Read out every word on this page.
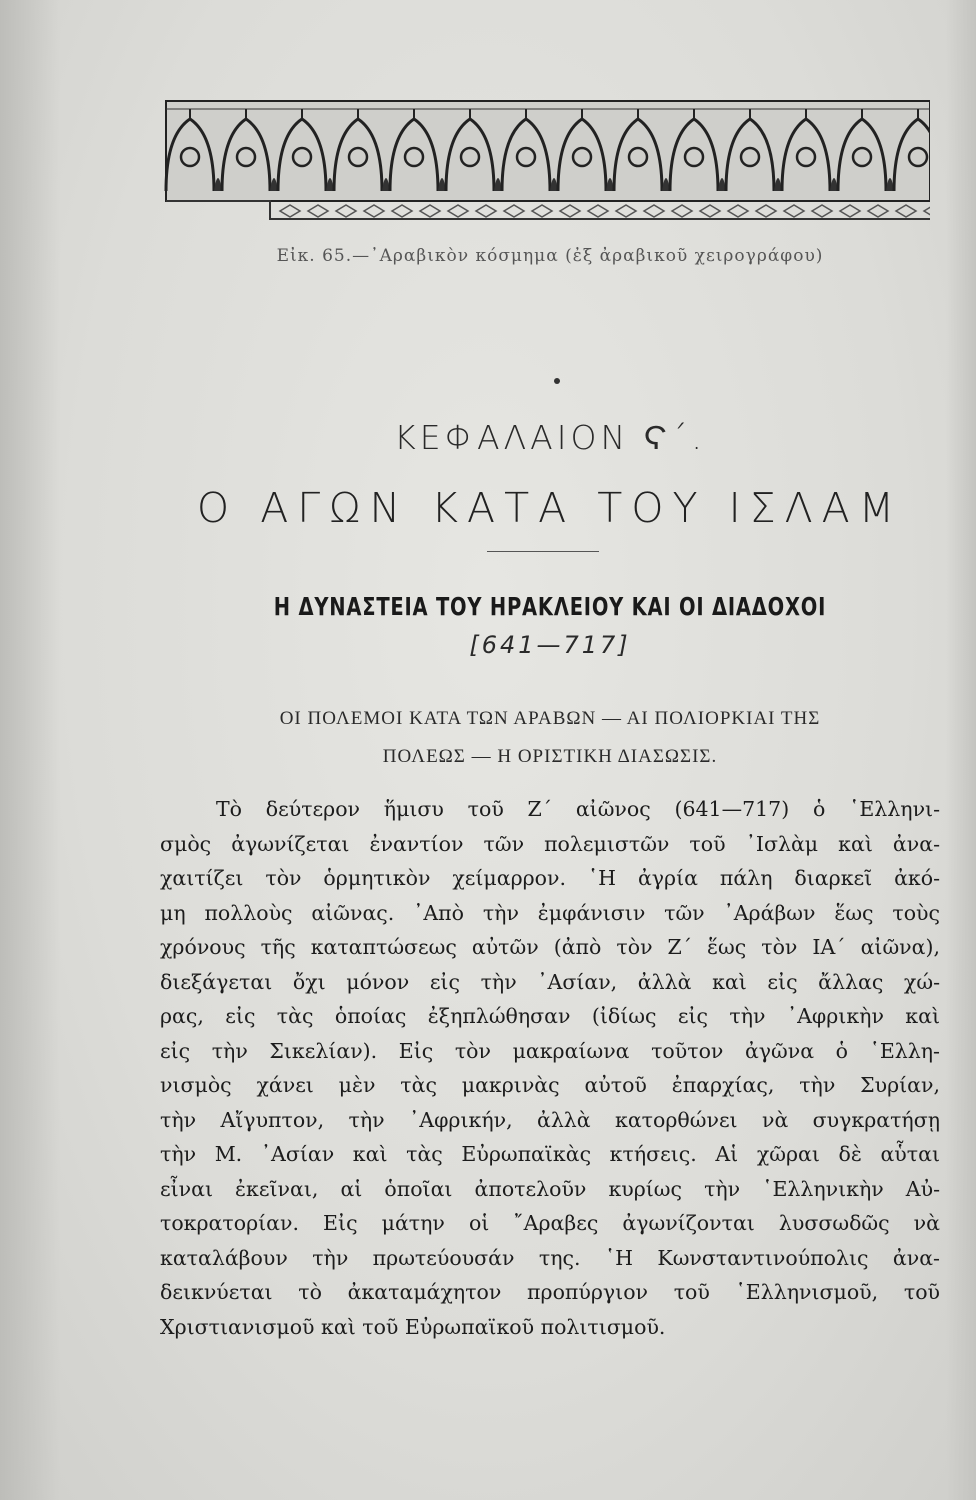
Εἰκ. 65.—᾿Αραβικὸν κόσμημα (ἐξ ἀραβικοῦ χειρογράφου)
ΚΕΦΑΛΑΙΟΝ Ϛ΄.
Ο ΑΓΩΝ ΚΑΤΑ ΤΟΥ ΙΣΛΑΜ
Η ΔΥΝΑΣΤΕΙΑ ΤΟΥ ΗΡΑΚΛΕΙΟΥ ΚΑΙ ΟΙ ΔΙΑΔΟΧΟΙ
[641—717]
ΟΙ ΠΟΛΕΜΟΙ ΚΑΤΑ ΤΩΝ ΑΡΑΒΩΝ — ΑΙ ΠΟΛΙΟΡΚΙΑΙ ΤΗΣ
ΠΟΛΕΩΣ — Η ΟΡΙΣΤΙΚΗ ΔΙΑΣΩΣΙΣ.
Τὸ δεύτερον ἥμισυ τοῦ Ζ΄ αἰῶνος (641—717) ὁ ῾Ελληνι-
σμὸς ἀγωνίζεται ἐναντίον τῶν πολεμιστῶν τοῦ ᾿Ισλὰμ καὶ ἀνα-
χαιτίζει τὸν ὁρμητικὸν χείμαρρον. ῾Η ἀγρία πάλη διαρκεῖ ἀκό-
μη πολλοὺς αἰῶνας. ᾿Απὸ τὴν ἐμφάνισιν τῶν ᾿Αράβων ἕως τοὺς
χρόνους τῆς καταπτώσεως αὐτῶν (ἀπὸ τὸν Ζ΄ ἕως τὸν ΙΑ΄ αἰῶνα),
διεξάγεται ὄχι μόνον εἰς τὴν ᾿Ασίαν, ἀλλὰ καὶ εἰς ἄλλας χώ-
ρας, εἰς τὰς ὁποίας ἐξηπλώθησαν (ἰδίως εἰς τὴν ᾿Αφρικὴν καὶ
εἰς τὴν Σικελίαν). Εἰς τὸν μακραίωνα τοῦτον ἀγῶνα ὁ ῾Ελλη-
νισμὸς χάνει μὲν τὰς μακρινὰς αὐτοῦ ἐπαρχίας, τὴν Συρίαν,
τὴν Αἴγυπτον, τὴν ᾿Αφρικήν, ἀλλὰ κατορθώνει νὰ συγκρατήσῃ
τὴν Μ. ᾿Ασίαν καὶ τὰς Εὐρωπαϊκὰς κτήσεις. Αἱ χῶραι δὲ αὗται
εἶναι ἐκεῖναι, αἱ ὁποῖαι ἀποτελοῦν κυρίως τὴν ῾Ελληνικὴν Αὐ-
τοκρατορίαν. Εἰς μάτην οἱ ῎Αραβες ἀγωνίζονται λυσσωδῶς νὰ
καταλάβουν τὴν πρωτεύουσάν της. ῾Η Κωνσταντινούπολις ἀνα-
δεικνύεται τὸ ἀκαταμάχητον προπύργιον τοῦ ῾Ελληνισμοῦ, τοῦ
Χριστιανισμοῦ καὶ τοῦ Εὐρωπαϊκοῦ πολιτισμοῦ.
